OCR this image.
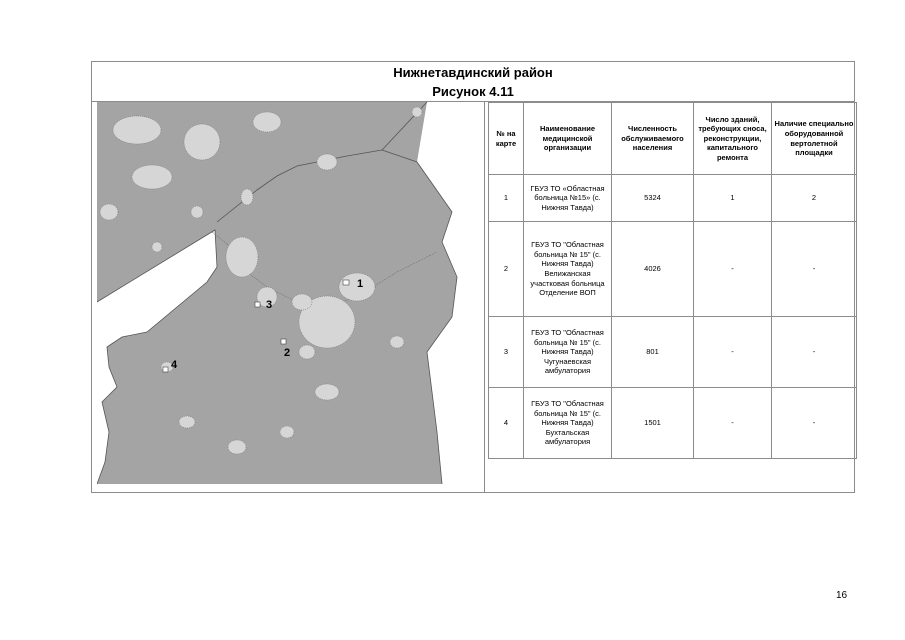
Нижнетавдинский район
Рисунок 4.11
1
2
3
4
№ на карте	Наименование медицинской организации	Численность обслуживаемого населения	Число зданий, требующих сноса, реконструкции, капитального ремонта	Наличие специально оборудованной вертолетной площадки
1	ГБУЗ ТО «Областная больница №15» (с. Нижняя Тавда)	5324	1	2
2	ГБУЗ ТО "Областная больница № 15" (с. Нижняя Тавда) Велижанская участковая больница Отделение ВОП	4026	-	-
3	ГБУЗ ТО "Областная больница № 15" (с. Нижняя Тавда) Чугунаевская амбулатория	801	-	-
4	ГБУЗ ТО "Областная больница № 15" (с. Нижняя Тавда) Бухтальская амбулатория	1501	-	-
16
